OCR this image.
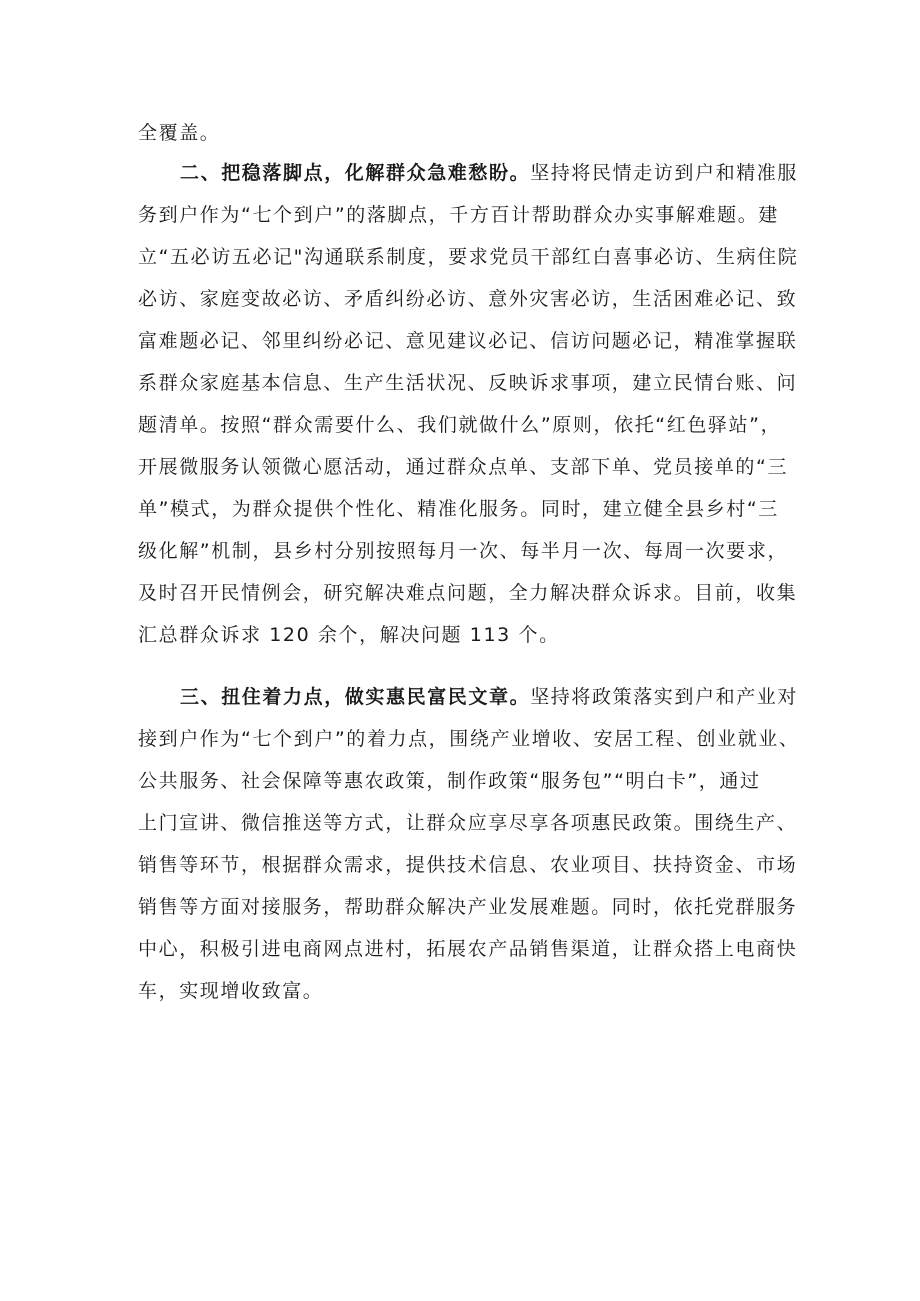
全覆盖。
二、把稳落脚点，化解群众急难愁盼。坚持将民情走访到户和精准服
务到户作为“七个到户”的落脚点，千方百计帮助群众办实事解难题。建
立“五必访五必记"沟通联系制度，要求党员干部红白喜事必访、生病住院
必访、家庭变故必访、矛盾纠纷必访、意外灾害必访，生活困难必记、致
富难题必记、邻里纠纷必记、意见建议必记、信访问题必记，精准掌握联
系群众家庭基本信息、生产生活状况、反映诉求事项，建立民情台账、问
题清单。按照“群众需要什么、我们就做什么”原则，依托“红色驿站”，
开展微服务认领微心愿活动，通过群众点单、支部下单、党员接单的“三
单”模式，为群众提供个性化、精准化服务。同时，建立健全县乡村“三
级化解”机制，县乡村分别按照每月一次、每半月一次、每周一次要求，
及时召开民情例会，研究解决难点问题，全力解决群众诉求。目前，收集
汇总群众诉求 120 余个，解决问题 113 个。
三、扭住着力点，做实惠民富民文章。坚持将政策落实到户和产业对
接到户作为“七个到户”的着力点，围绕产业增收、安居工程、创业就业、
公共服务、社会保障等惠农政策，制作政策“服务包”“明白卡”，通过
上门宣讲、微信推送等方式，让群众应享尽享各项惠民政策。围绕生产、
销售等环节，根据群众需求，提供技术信息、农业项目、扶持资金、市场
销售等方面对接服务，帮助群众解决产业发展难题。同时，依托党群服务
中心，积极引进电商网点进村，拓展农产品销售渠道，让群众搭上电商快
车，实现增收致富。
